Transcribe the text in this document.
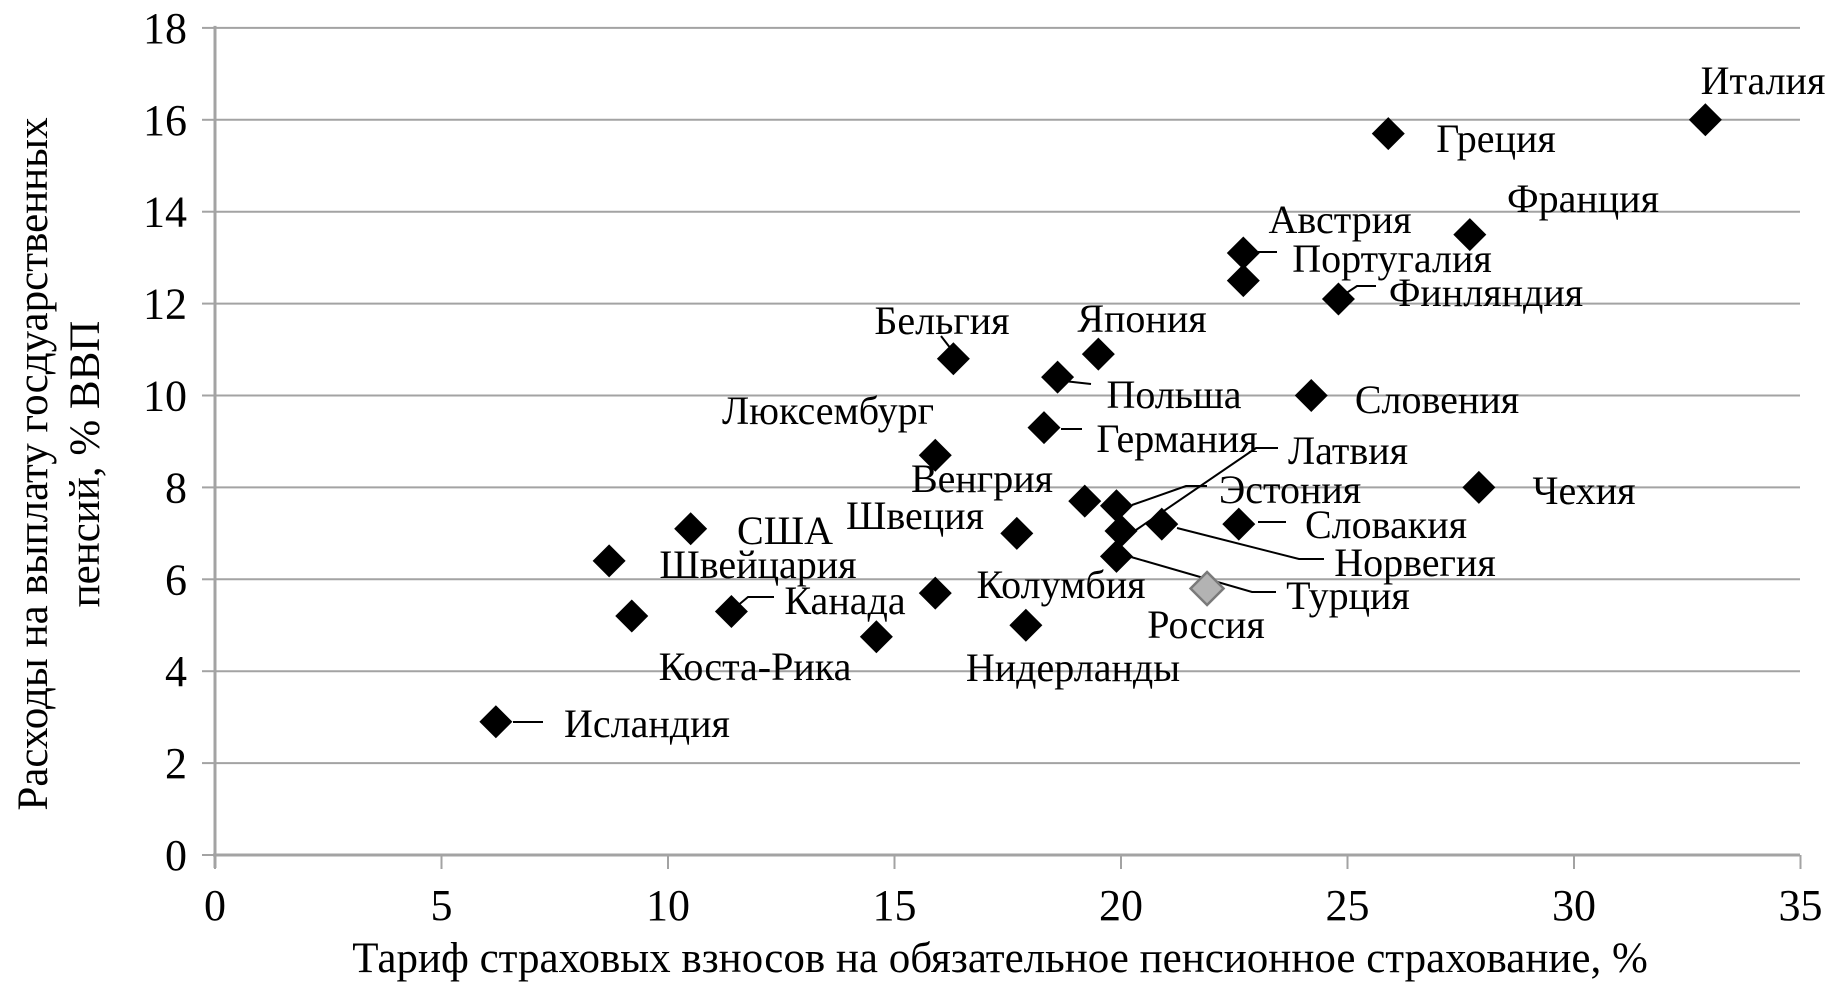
0
2
4
6
8
10
12
14
16
18
0	5	10	15	20	25	30	35
Исландия
Швейцария
США
Канада
Коста-Рика
Колумбия
Люксембург
Бельгия
Швеция
Нидерланды
Германия
Польша
Венгрия
Япония
Эстония
Латвия
Турция
Норвегия
Россия
Словакия
Австрия
Португалия
Словения
Финляндия
Греция
Франция
Чехия
Италия
Расходы на выплату госдуарственных пенсий, % ВВП
Тариф страховых взносов на обязательное пенсионное страхование, %
